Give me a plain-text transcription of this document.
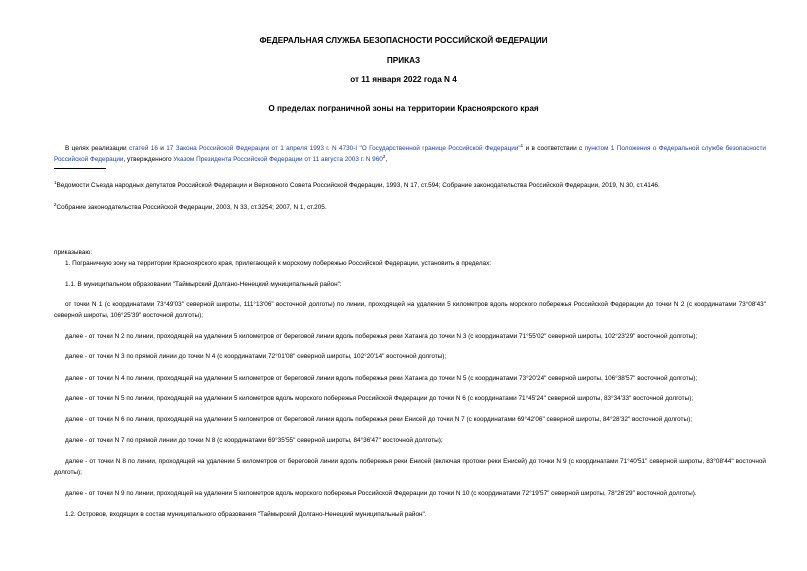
ФЕДЕРАЛЬНАЯ СЛУЖБА БЕЗОПАСНОСТИ РОССИЙСКОЙ ФЕДЕРАЦИИ
ПРИКАЗ
от 11 января 2022 года N 4
О пределах пограничной зоны на территории Красноярского края
В целях реализации статей 16 и 17 Закона Российской Федерации от 1 апреля 1993 г. N 4730-I "О Государственной границе Российской Федерации"$^1$ и в соответствии с пунктом 1 Положения о Федеральной службе безопасности Российской Федерации, утвержденного Указом Президента Российской Федерации от 11 августа 2003 г. N $960^2$,
$^1$Ведомости Съезда народных депутатов Российской Федерации и Верховного Совета Российской Федерации, 1993, N 17, ст.594; Собрание законодательства Российской Федерации, 2019, N 30, ст.4146.
$^2$Собрание законодательства Российской Федерации, 2003, N 33, ст.3254; 2007, N 1, ст.205.
приказываю:
1. Пограничную зону на территории Красноярского края, прилегающей к морскому побережью Российской Федерации, установить в пределах:
1.1. В муниципальном образовании "Таймырский Долгано-Ненецкий муниципальный район":
от точки N 1 (с координатами 73°49'03" северной широты, 111°13'06" восточной долготы) по линии, проходящей на удалении 5 километров вдоль морского побережья Российской Федерации до точки N 2 (с координатами 73°08'43" северной широты, 106°25'39" восточной долготы);
далее - от точки N 2 по линии, проходящей на удалении 5 километров от береговой линии вдоль побережья реки Хатанга до точки N 3 (с координатами 71°55'02" северной широты, 102°23'29" восточной долготы);
далее - от точки N 3 по прямой линии до точки N 4 (с координатами 72°01'08" северной широты, 102°20'14" восточной долготы);
далее - от точки N 4 по линии, проходящей на удалении 5 километров от береговой линии вдоль побережья реки Хатанга до точки N 5 (с координатами 73°20'24" северной широты, 106°38'57" восточной долготы);
далее - от точки N 5 по линии, проходящей на удалении 5 километров вдоль морского побережья Российской Федерации до точки N 6 (с координатами 71°45'24" северной широты, 83°34'33" восточной долготы);
далее - от точки N 6 по линии, проходящей на удалении 5 километров от береговой линии вдоль побережья реки Енисей до точки N 7 (с координатами 69°42'06" северной широты, 84°28'32" восточной долготы);
далее - от точки N 7 по прямой линии до точки N 8 (с координатами 69°35'55" северной широты, 84°36'47" восточной долготы);
далее - от точки N 8 по линии, проходящей на удалении 5 километров от береговой линии вдоль побережья реки Енисей (включая протоки реки Енисей) до точки N 9 (с координатами 71°40'51" северной широты, 83°08'44" восточной долготы);
далее - от точки N 9 по линии, проходящей на удалении 5 километров вдоль морского побережья Российской Федерации до точки N 10 (с координатами 72°19'57" северной широты, 78°26'29" восточной долготы).
1.2. Островов, входящих в состав муниципального образования "Таймырский Долгано-Ненецкий муниципальный район".
